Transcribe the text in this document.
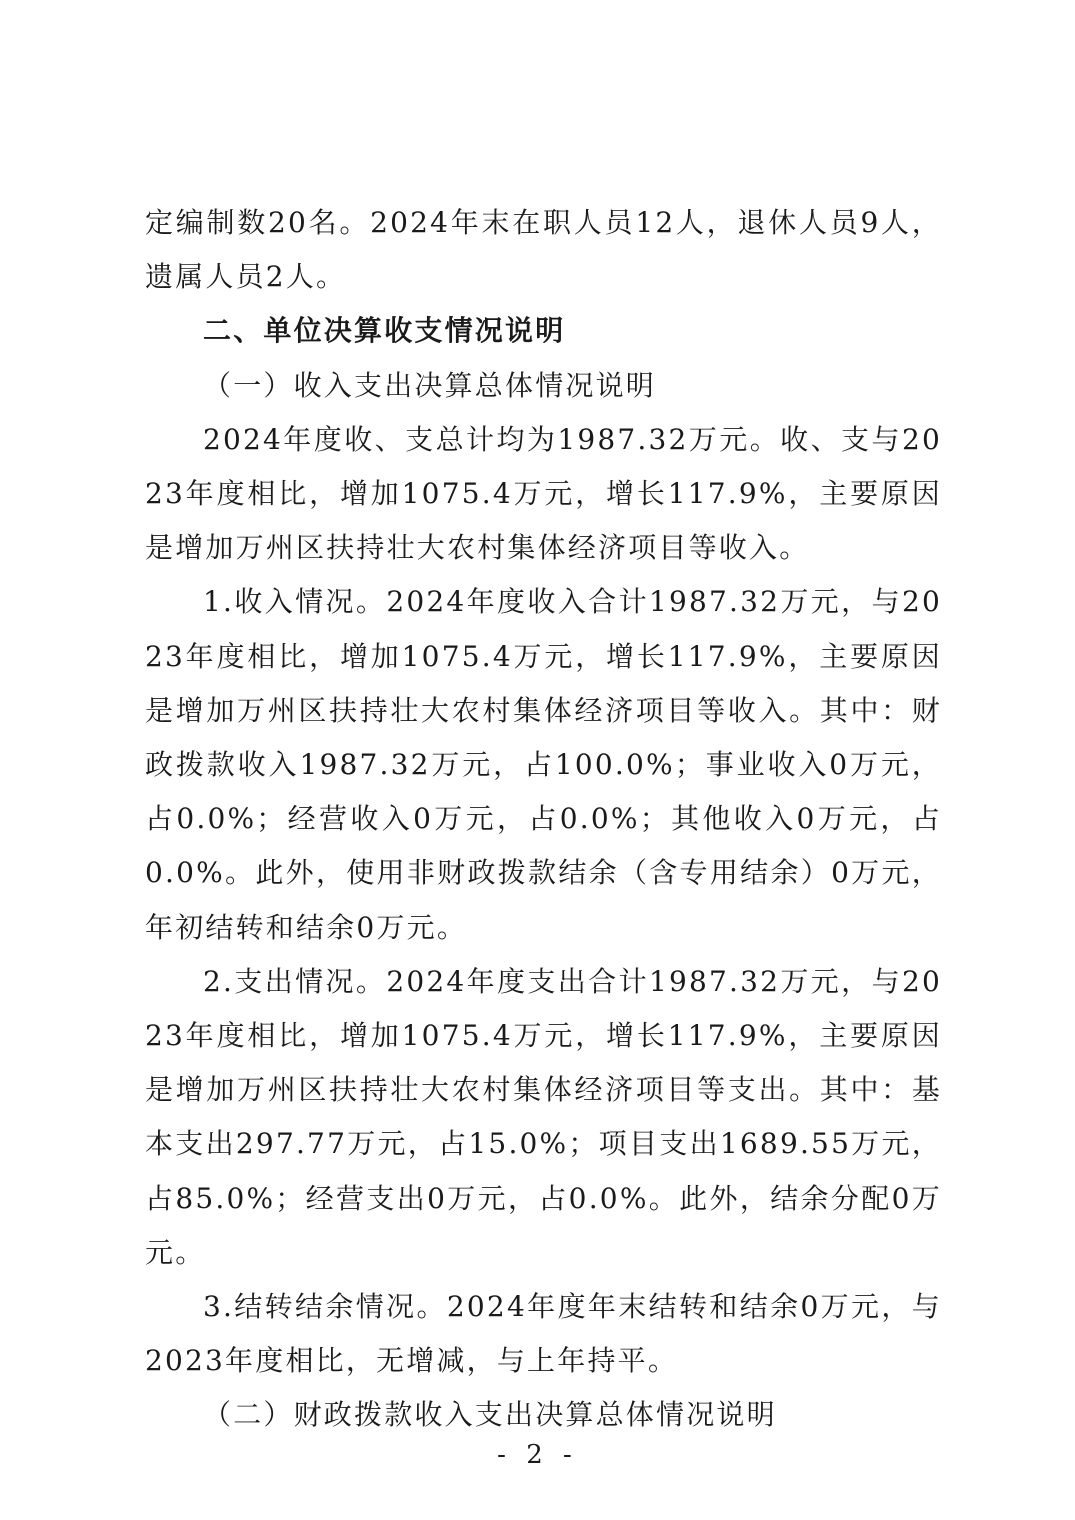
定编制数20名。2024年末在职人员12人，退休人员9人，遗属人员2人。

二、单位决算收支情况说明

（一）收入支出决算总体情况说明

2024年度收、支总计均为1987.32万元。收、支与2023年度相比，增加1075.4万元，增长117.9%，主要原因是增加万州区扶持壮大农村集体经济项目等收入。

1.收入情况。2024年度收入合计1987.32万元，与2023年度相比，增加1075.4万元，增长117.9%，主要原因是增加万州区扶持壮大农村集体经济项目等收入。其中：财政拨款收入1987.32万元，占100.0%；事业收入0万元，占0.0%；经营收入0万元，占0.0%；其他收入0万元，占0.0%。此外，使用非财政拨款结余（含专用结余）0万元，年初结转和结余0万元。

2.支出情况。2024年度支出合计1987.32万元，与2023年度相比，增加1075.4万元，增长117.9%，主要原因是增加万州区扶持壮大农村集体经济项目等支出。其中：基本支出297.77万元，占15.0%；项目支出1689.55万元，占85.0%；经营支出0万元，占0.0%。此外，结余分配0万元。

3.结转结余情况。2024年度年末结转和结余0万元，与2023年度相比，无增减，与上年持平。

（二）财政拨款收入支出决算总体情况说明

- 2 -
